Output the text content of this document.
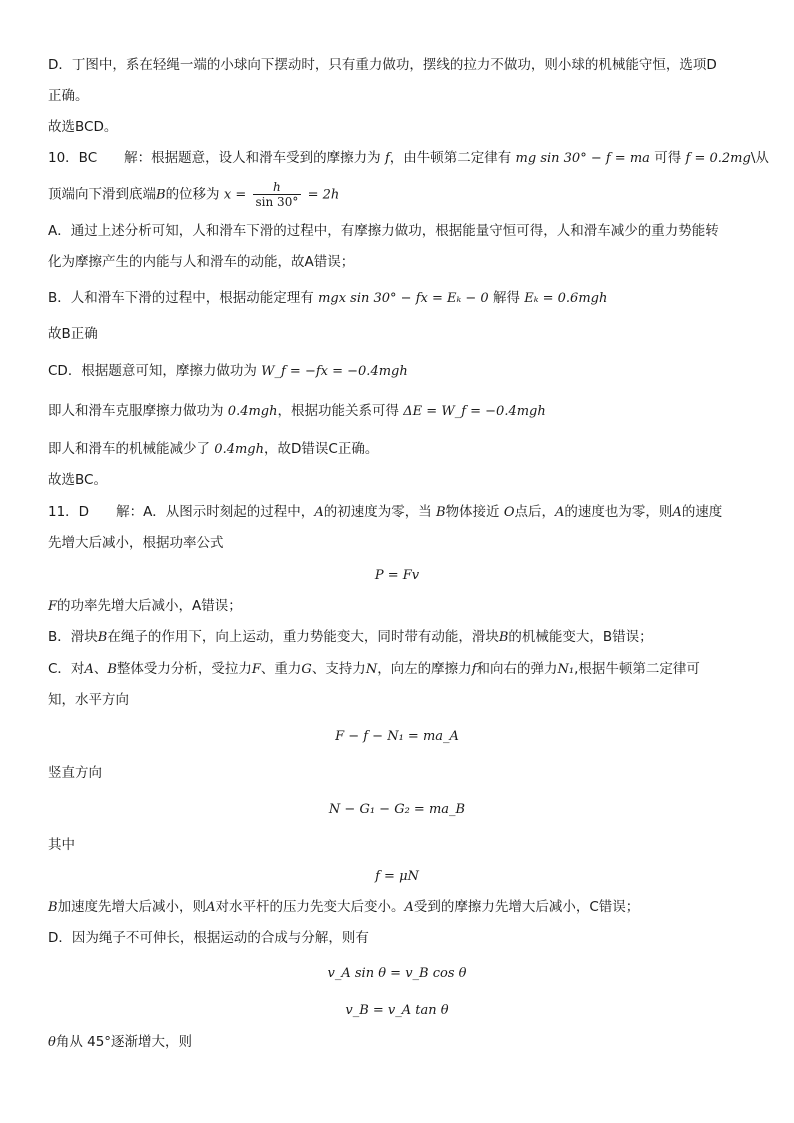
D．丁图中，系在轻绳一端的小球向下摆动时，只有重力做功，摆线的拉力不做功，则小球的机械能守恒，选项D
正确。
故选BCD。
10．BC　　解：根据题意，设人和滑车受到的摩擦力为 f，由牛顿第二定律有 mg sin 30° − f = ma 可得 f = 0.2mg\从
顶端向下滑到底端B的位移为 $x = \frac{h}{\sin 30^\circ} = 2h$
A．通过上述分析可知，人和滑车下滑的过程中，有摩擦力做功，根据能量守恒可得，人和滑车减少的重力势能转
化为摩擦产生的内能与人和滑车的动能，故A错误；
B．人和滑车下滑的过程中，根据动能定理有 mgx sin 30° − fx = Eₖ − 0 解得 Eₖ = 0.6mgh
故B正确
CD．根据题意可知，摩擦力做功为 W_f = −fx = −0.4mgh
即人和滑车克服摩擦力做功为 0.4mgh，根据功能关系可得 ΔE = W_f = −0.4mgh
即人和滑车的机械能减少了 0.4mgh，故D错误C正确。
故选BC。
11．D　　解：A．从图示时刻起的过程中，A的初速度为零，当 B物体接近 O点后，A的速度也为零，则A的速度
先增大后减小，根据功率公式
P = Fv
F的功率先增大后减小，A错误；
B．滑块B在绳子的作用下，向上运动，重力势能变大，同时带有动能，滑块B的机械能变大，B错误；
C．对A、B整体受力分析，受拉力F、重力G、支持力N，向左的摩擦力f和向右的弹力N₁,根据牛顿第二定律可
知，水平方向
F − f − N₁ = ma_A
竖直方向
N − G₁ − G₂ = ma_B
其中
f = μN
B加速度先增大后减小，则A对水平杆的压力先变大后变小。A受到的摩擦力先增大后减小，C错误；
D．因为绳子不可伸长，根据运动的合成与分解，则有
v_A sin θ = v_B cos θ
v_B = v_A tan θ
θ角从 45°逐渐增大，则
